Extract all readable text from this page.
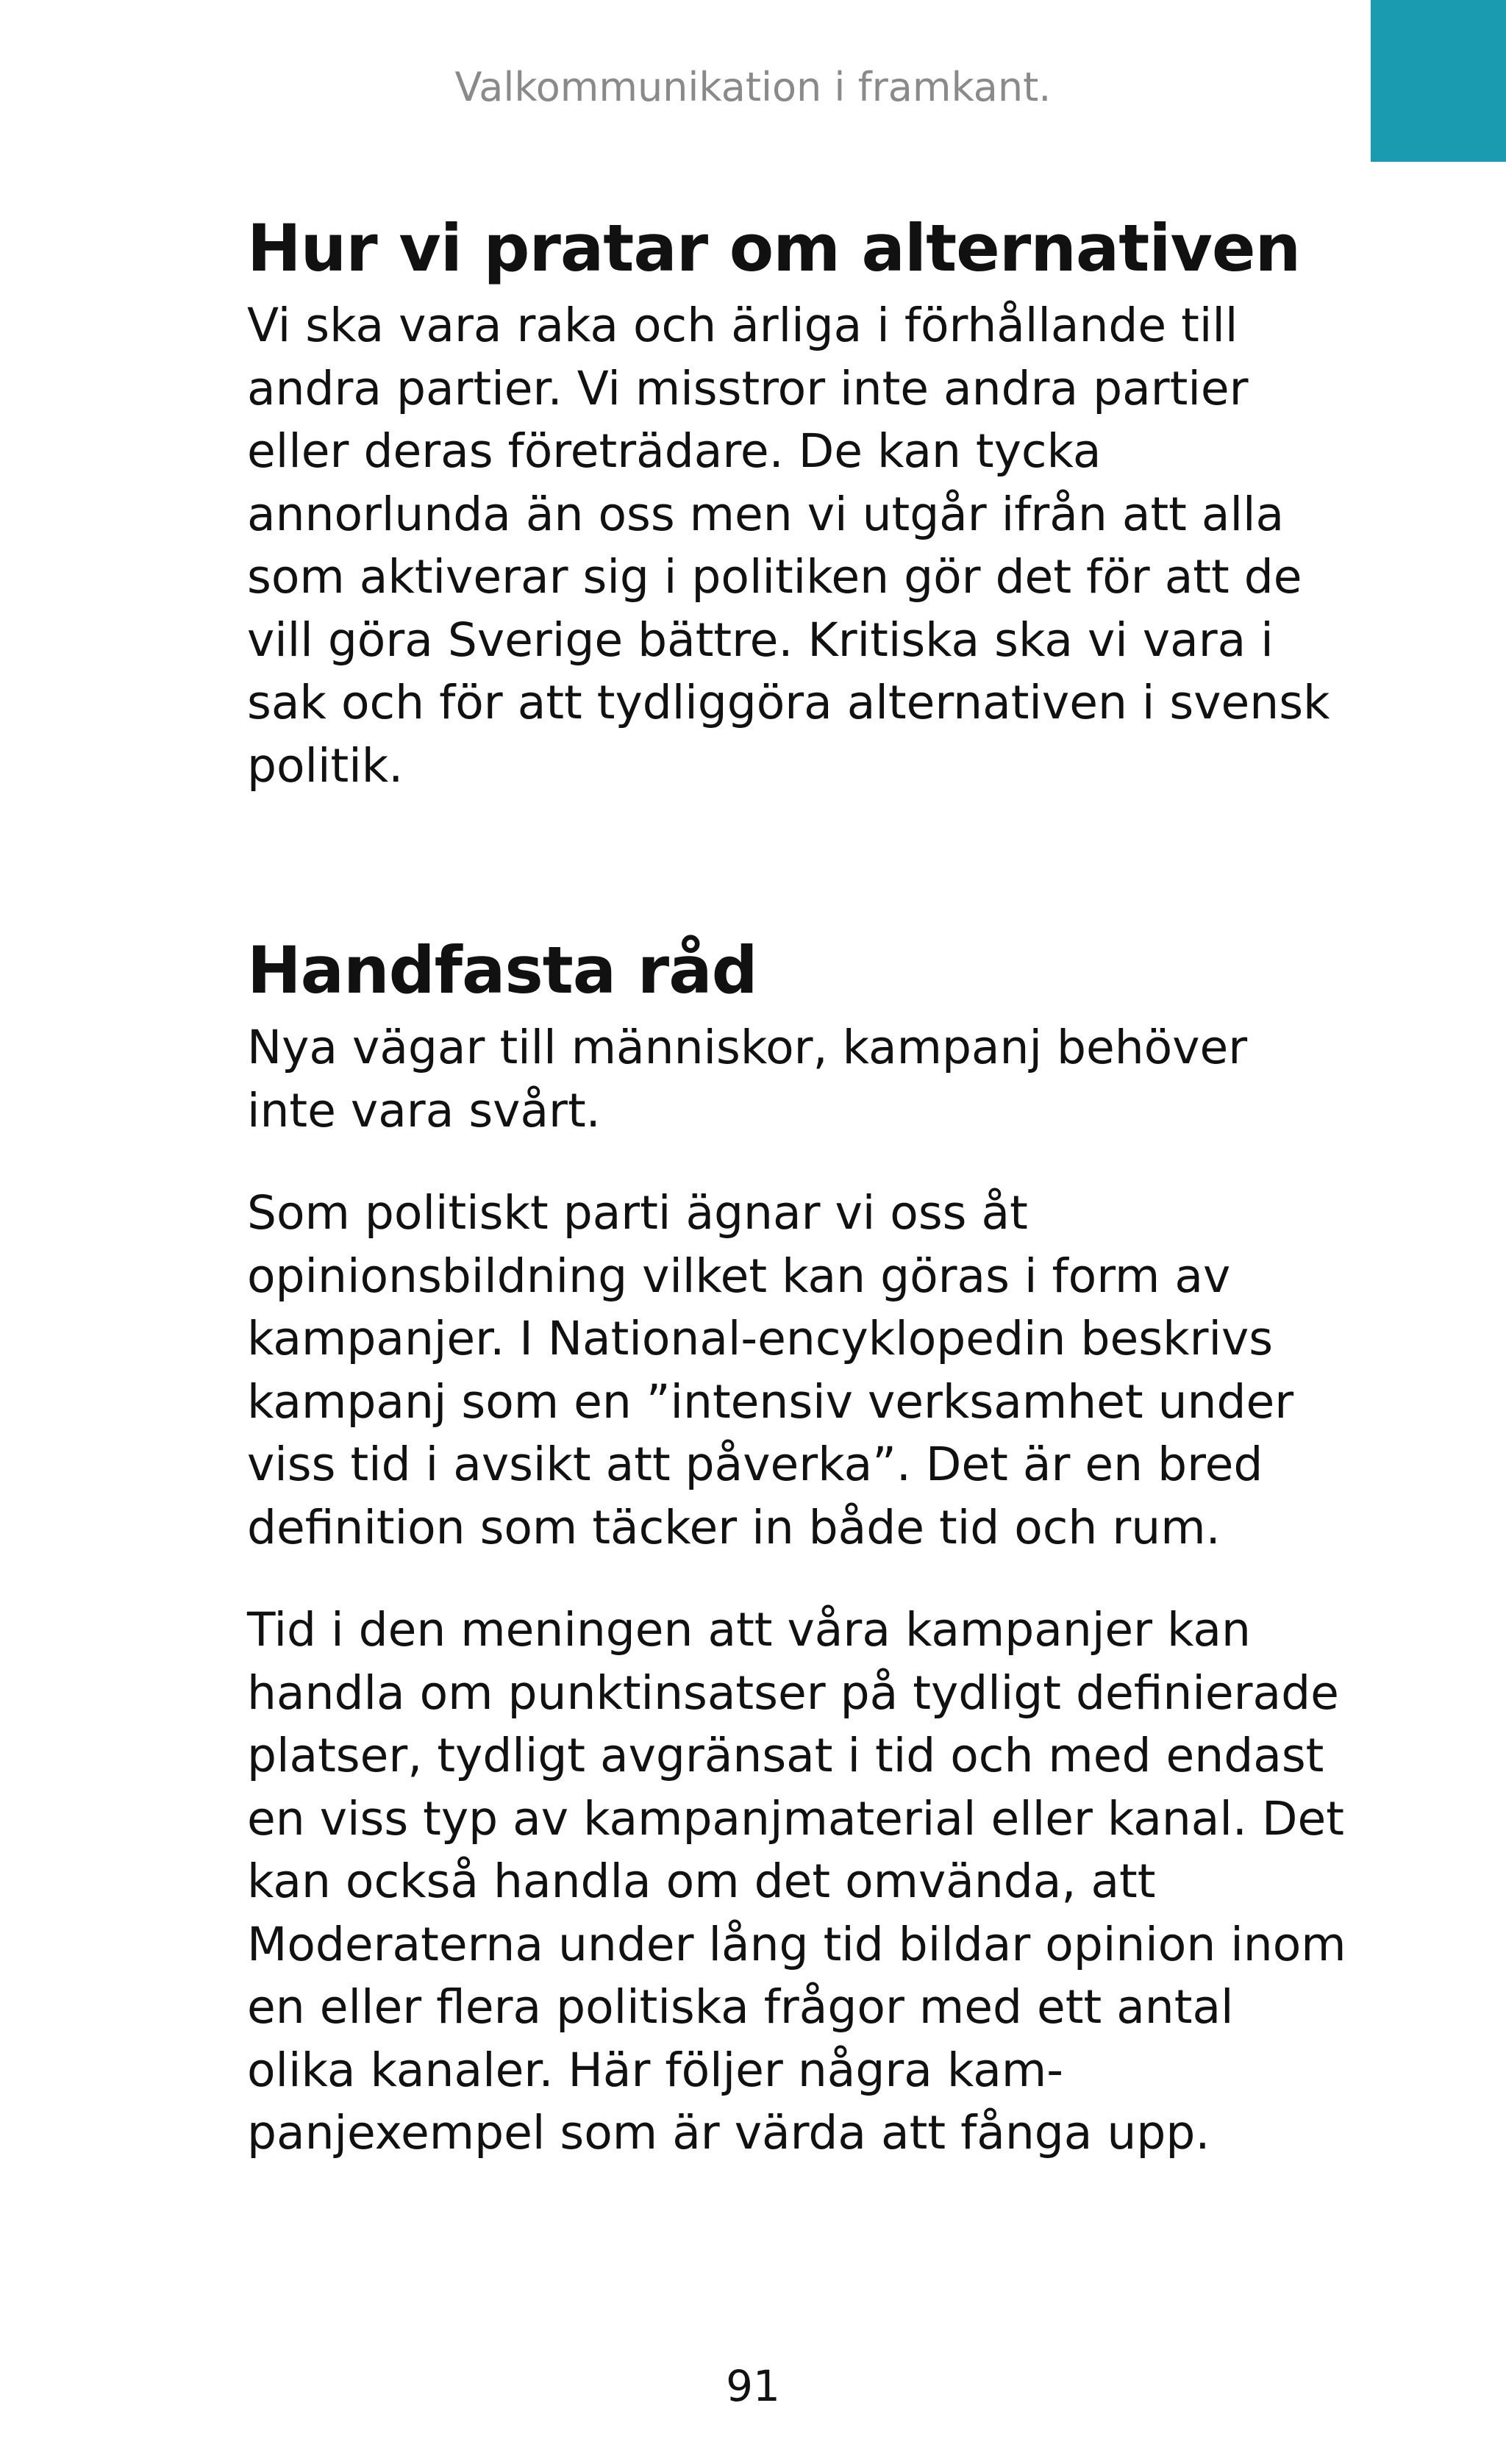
Valkommunikation i framkant.
Hur vi pratar om alternativen

Vi ska vara raka och ärliga i förhållande till andra partier. Vi misstror inte andra partier eller deras företrädare. De kan tycka annorlunda än oss men vi utgår ifrån att alla som aktiverar sig i politiken gör det för att de vill göra Sverige bättre. Kritiska ska vi vara i sak och för att tydliggöra alternativen i svensk politik.

Handfasta råd

Nya vägar till människor, kampanj behöver inte vara svårt.

Som politiskt parti ägnar vi oss åt opinionsbildning vilket kan göras i form av kampanjer. I National-encyklopedin beskrivs kampanj som en ”intensiv verksamhet under viss tid i avsikt att påverka”. Det är en bred definition som täcker in både tid och rum.

Tid i den meningen att våra kampanjer kan handla om punktinsatser på tydligt definierade platser, tydligt avgränsat i tid och med endast en viss typ av kampanjmaterial eller kanal. Det kan också handla om det omvända, att Moderaterna under lång tid bildar opinion inom en eller flera politiska frågor med ett antal olika kanaler. Här följer några kam-panjexempel som är värda att fånga upp.

91
